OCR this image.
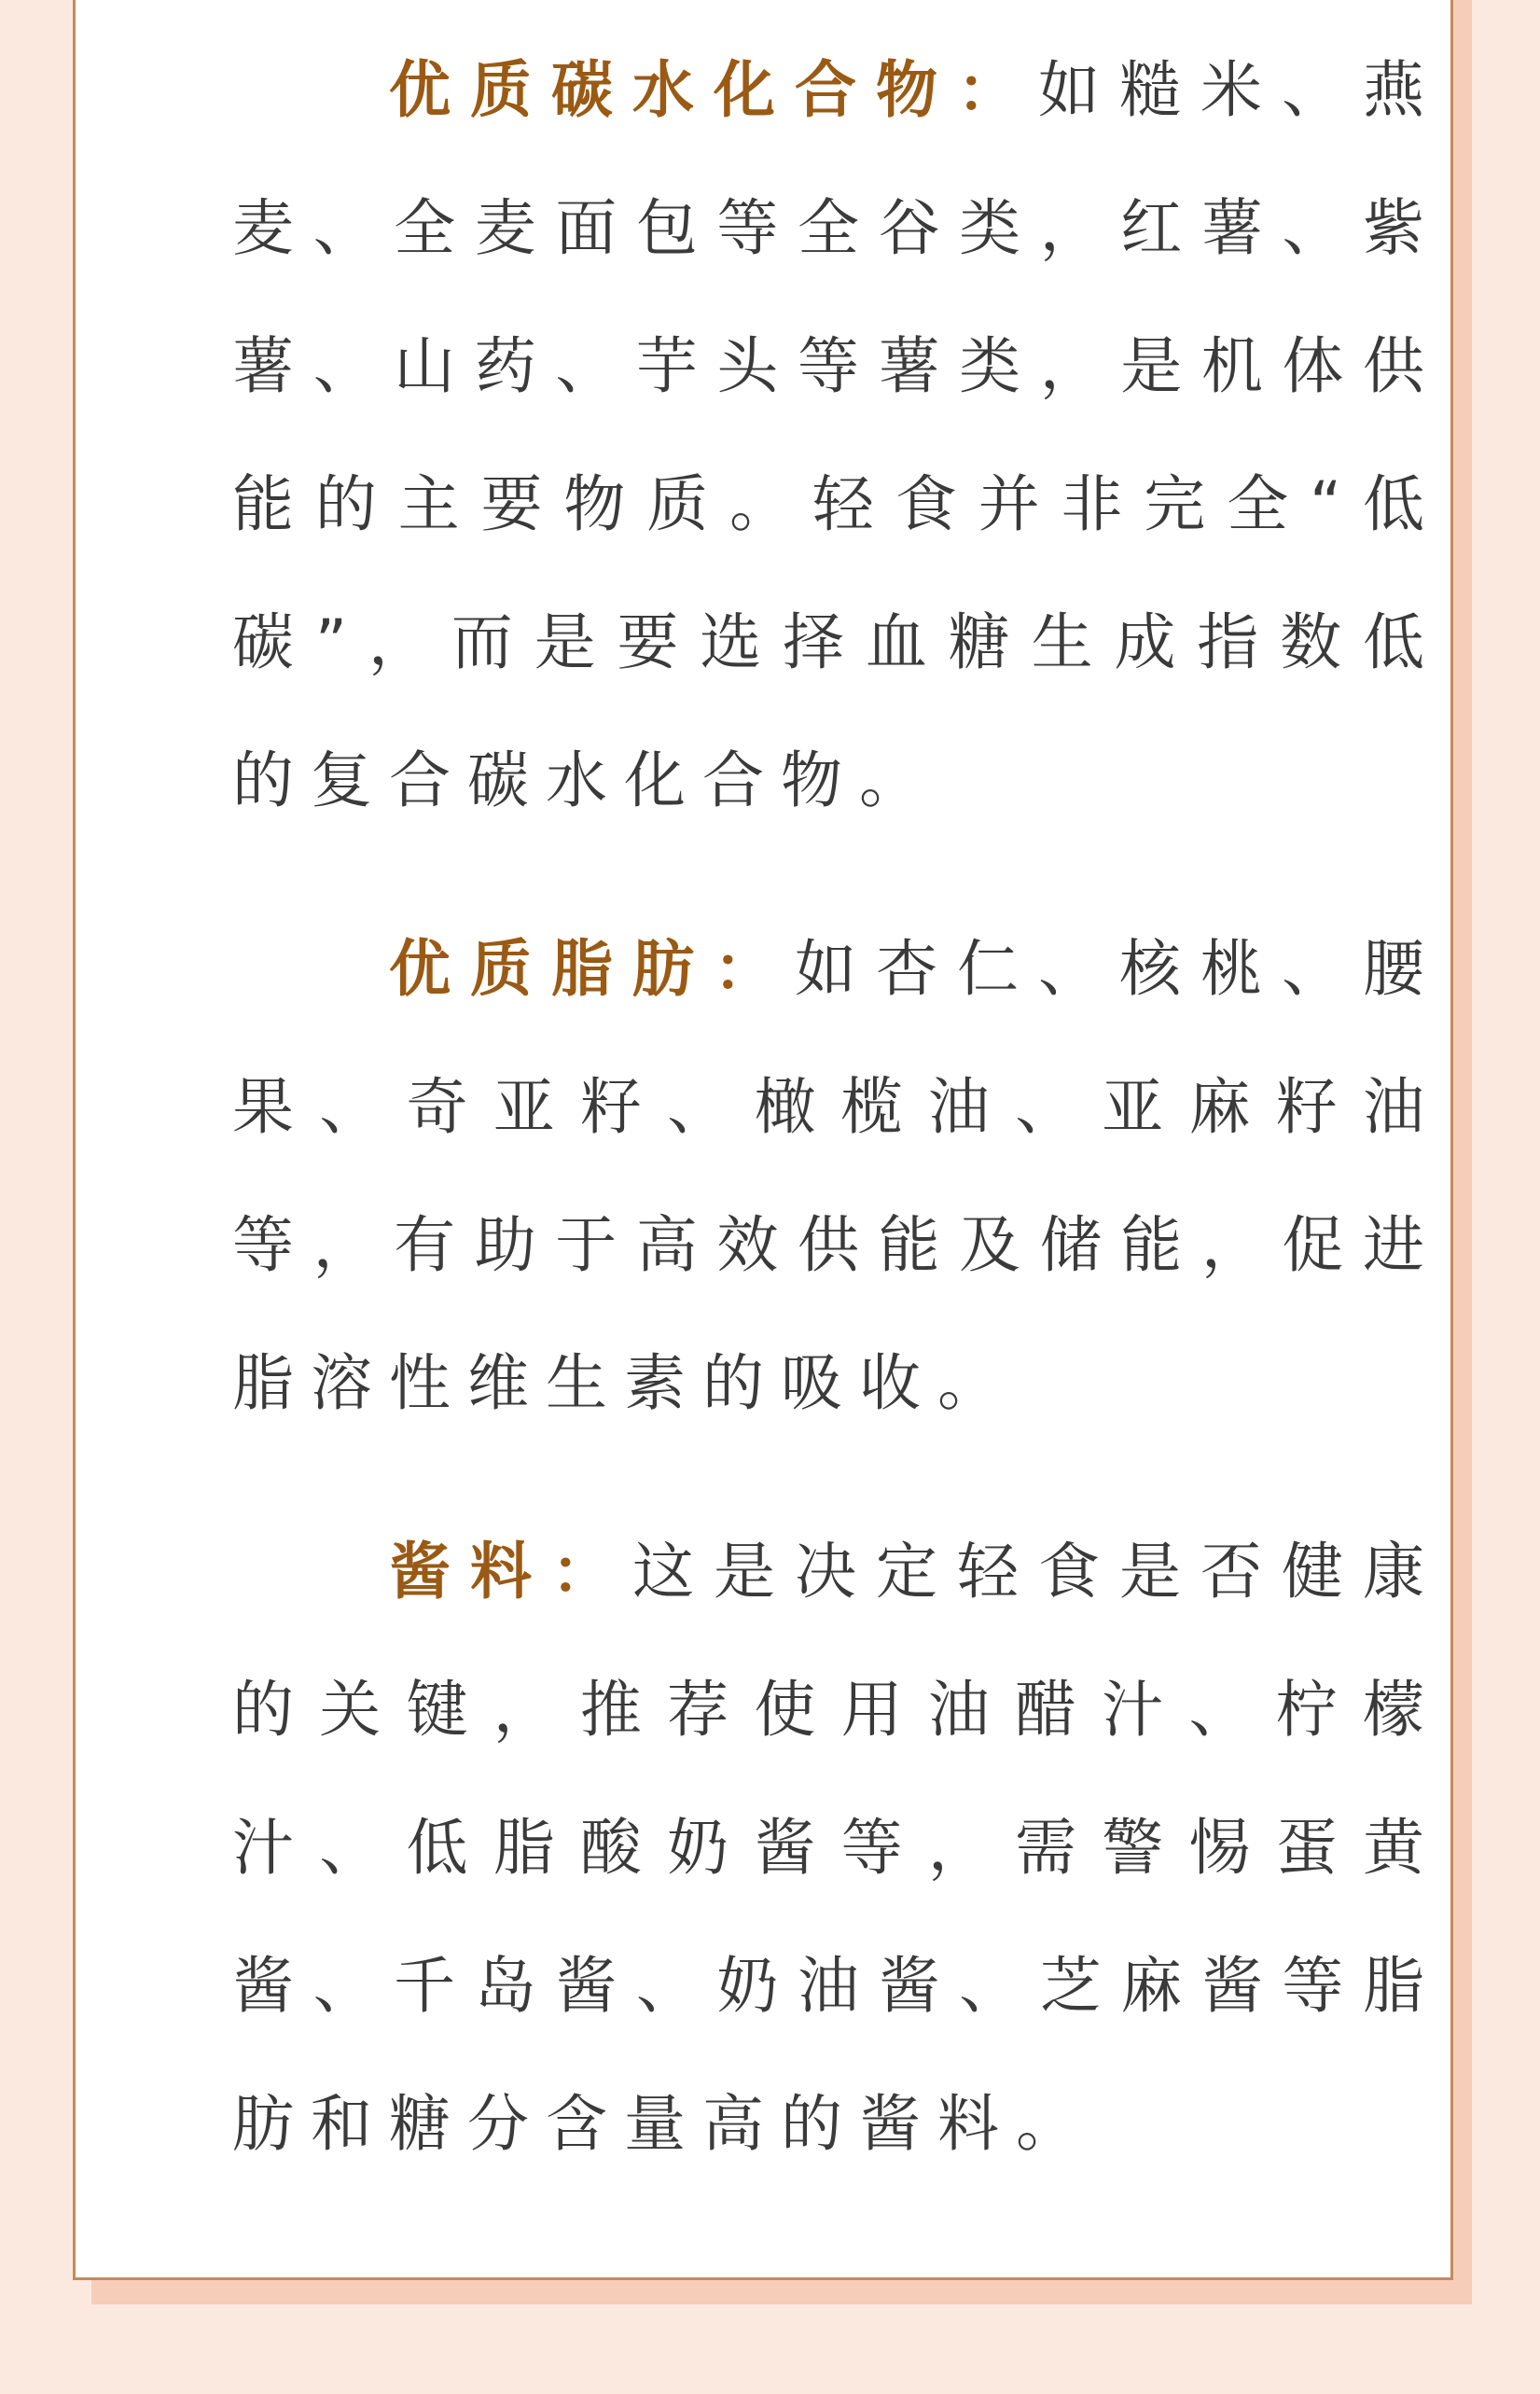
优质碳水化合物：如糙米、燕麦、全麦面包等全谷类，红薯、紫薯、山药、芋头等薯类，是机体供能的主要物质。轻食并非完全“低碳”，而是要选择血糖生成指数低的复合碳水化合物。

优质脂肪：如杏仁、核桃、腰果、奇亚籽、橄榄油、亚麻籽油等，有助于高效供能及储能，促进脂溶性维生素的吸收。

酱料：这是决定轻食是否健康的关键，推荐使用油醋汁、柠檬汁、低脂酸奶酱等，需警惕蛋黄酱、千岛酱、奶油酱、芝麻酱等脂肪和糖分含量高的酱料。
